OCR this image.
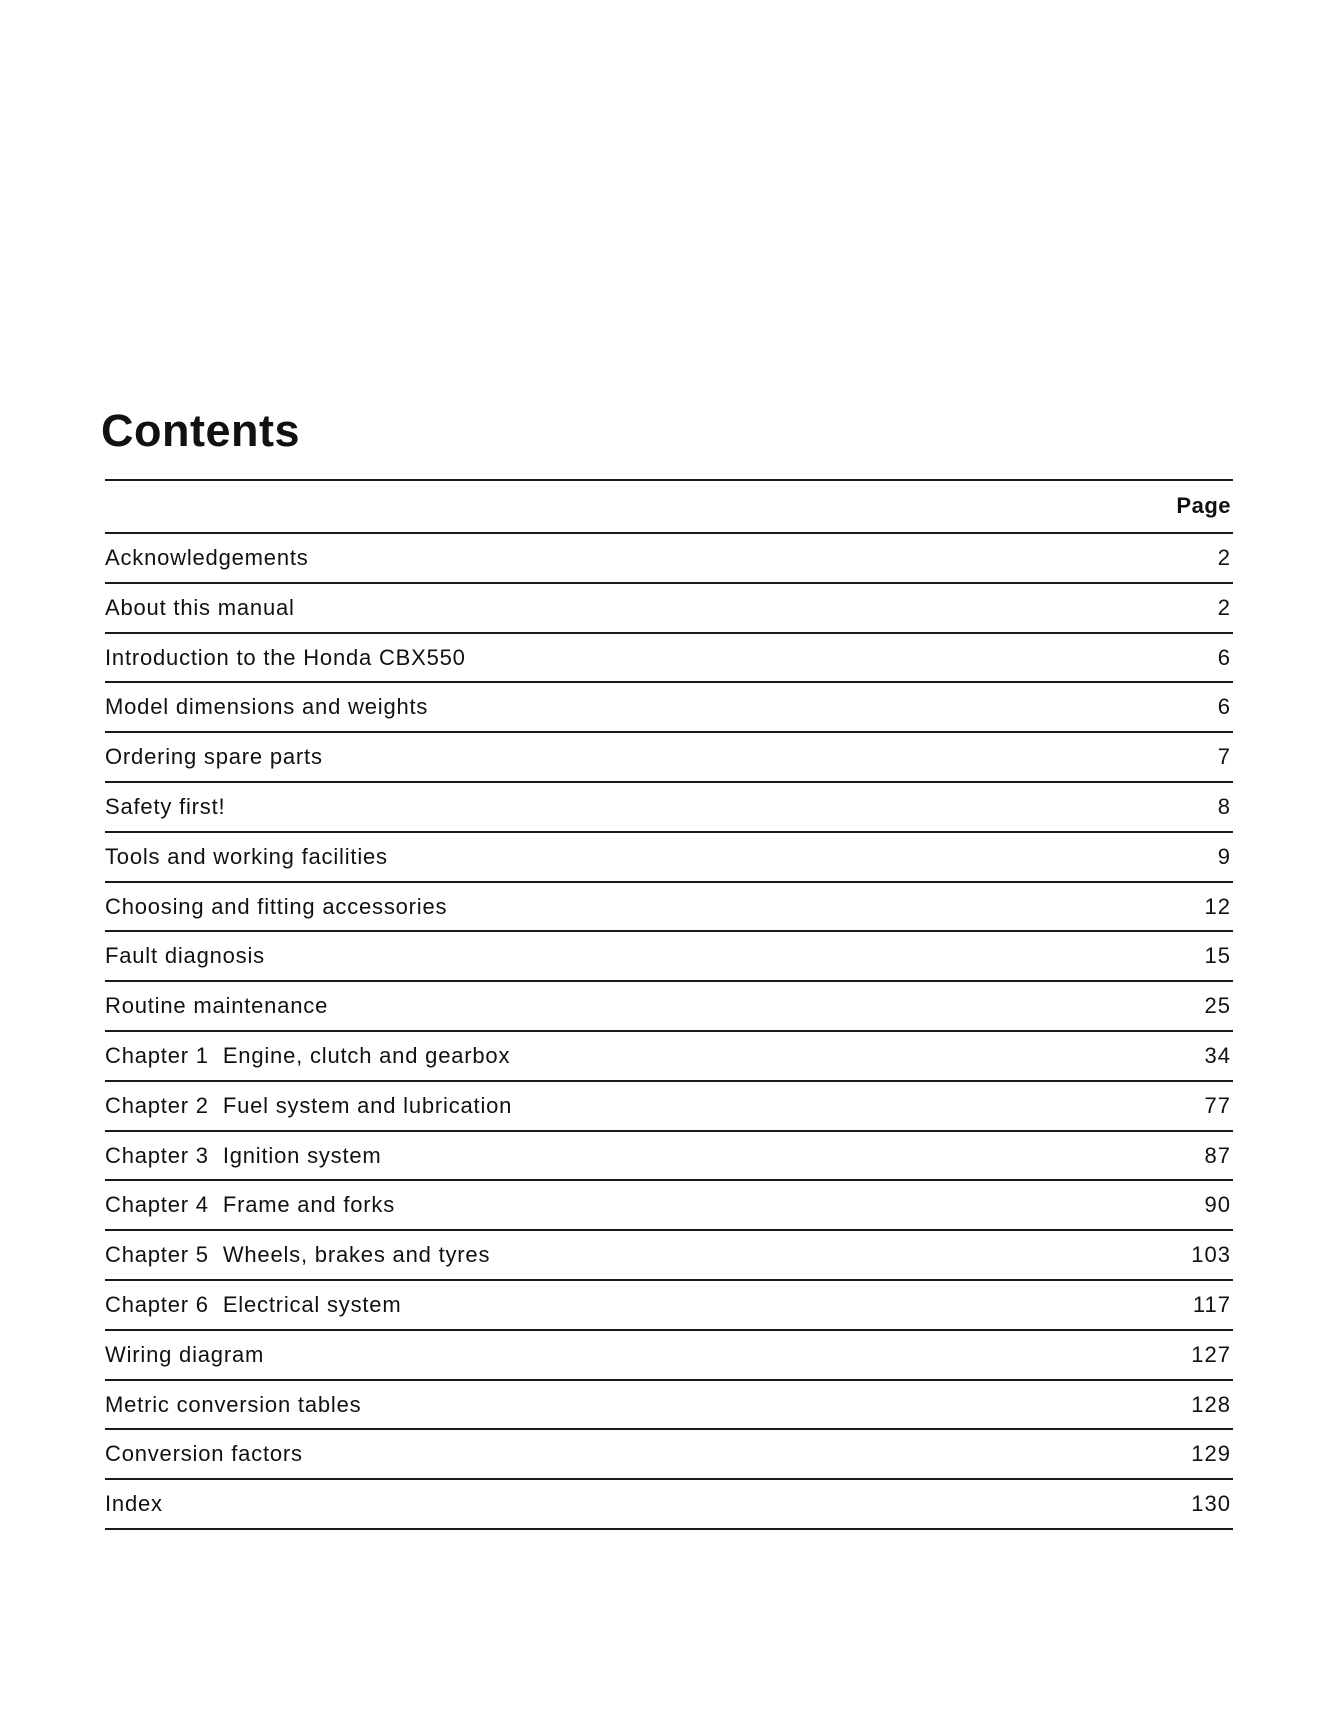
Contents
Page
Acknowledgements	2
About this manual	2
Introduction to the Honda CBX550	6
Model dimensions and weights	6
Ordering spare parts	7
Safety first!	8
Tools and working facilities	9
Choosing and fitting accessories	12
Fault diagnosis	15
Routine maintenance	25
Chapter 1 Engine, clutch and gearbox	34
Chapter 2 Fuel system and lubrication	77
Chapter 3 Ignition system	87
Chapter 4 Frame and forks	90
Chapter 5 Wheels, brakes and tyres	103
Chapter 6 Electrical system	117
Wiring diagram	127
Metric conversion tables	128
Conversion factors	129
Index	130
